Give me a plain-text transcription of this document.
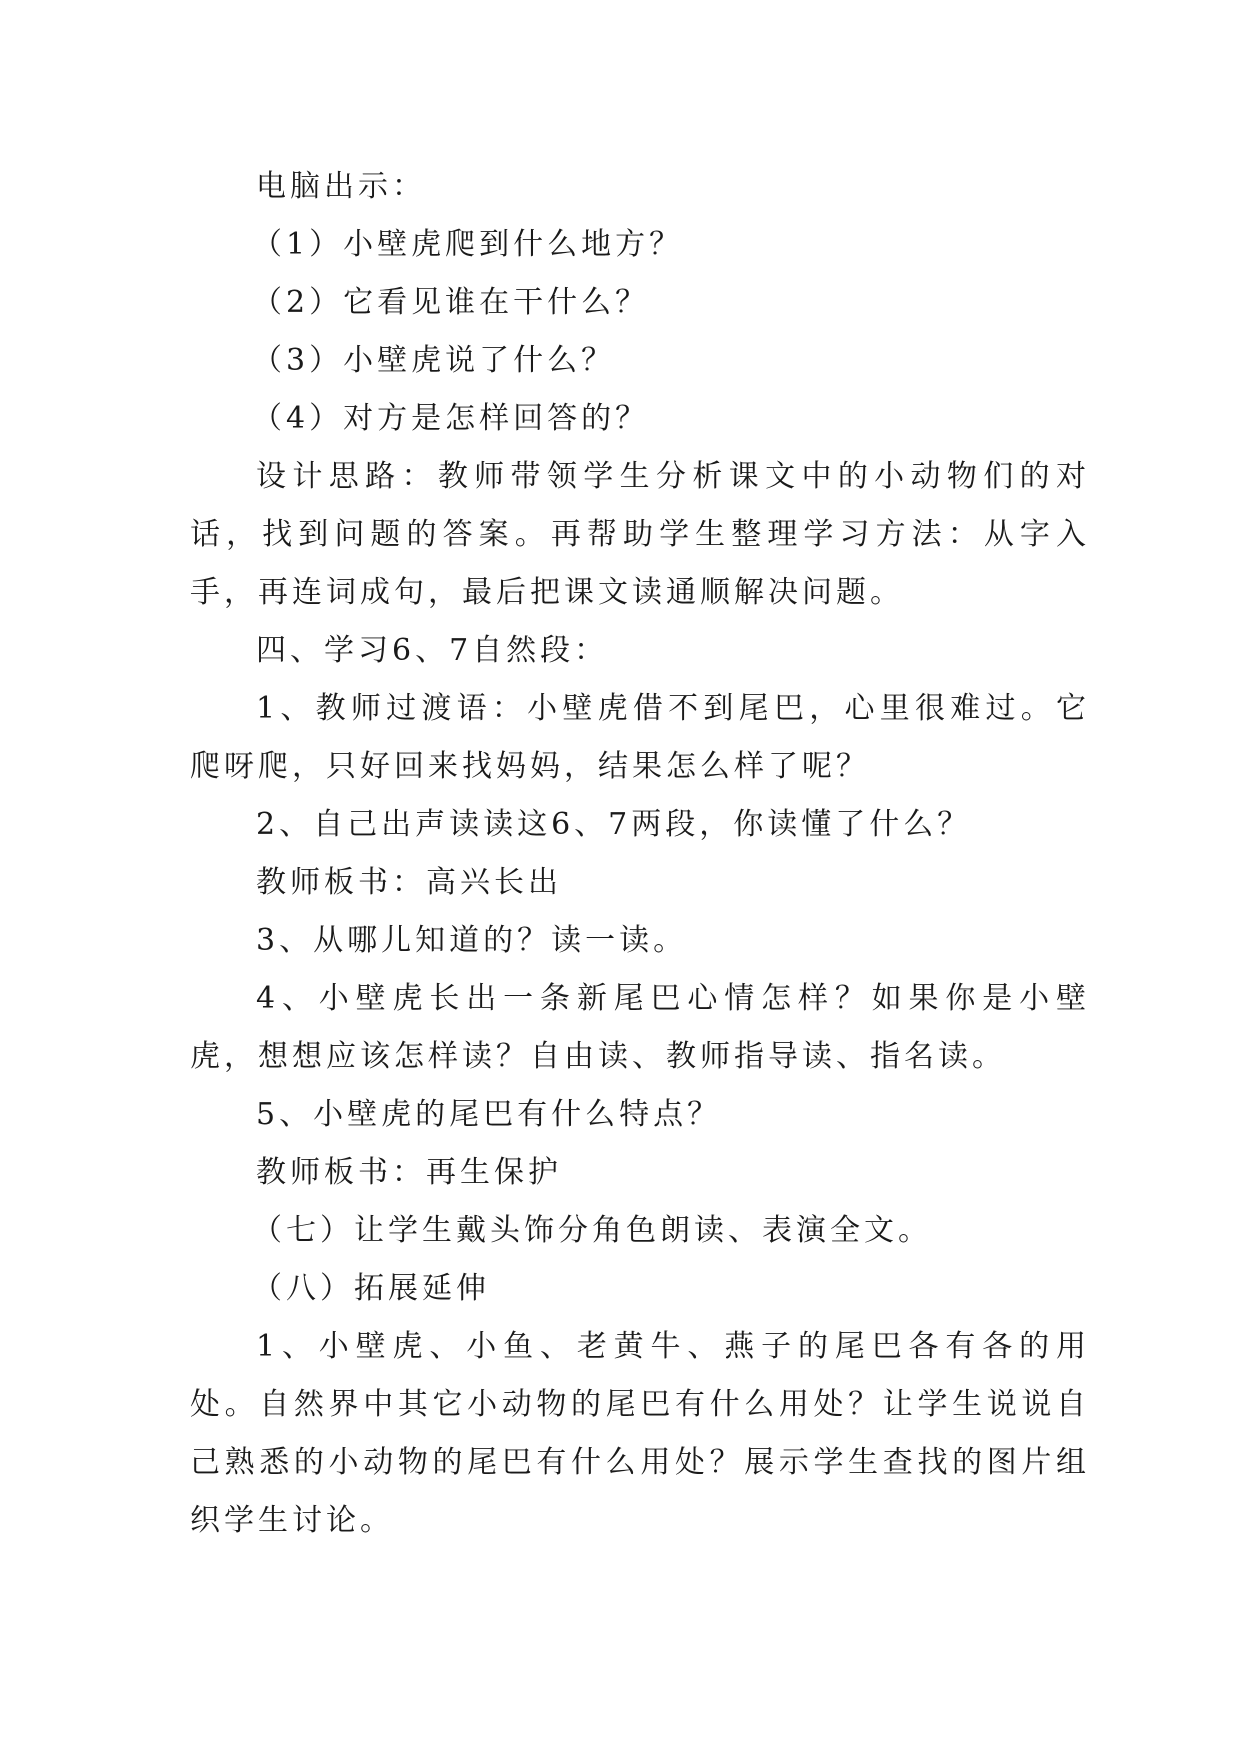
电脑出示：

（1）小壁虎爬到什么地方？

（2）它看见谁在干什么？

（3）小壁虎说了什么？

（4）对方是怎样回答的？

设计思路：教师带领学生分析课文中的小动物们的对话，找到问题的答案。再帮助学生整理学习方法：从字入手，再连词成句，最后把课文读通顺解决问题。

四、学习6、7自然段：

1、教师过渡语：小壁虎借不到尾巴，心里很难过。它爬呀爬，只好回来找妈妈，结果怎么样了呢？

2、自己出声读读这6、7两段，你读懂了什么？

教师板书：高兴长出

3、从哪儿知道的？读一读。

4、小壁虎长出一条新尾巴心情怎样？如果你是小壁虎，想想应该怎样读？自由读、教师指导读、指名读。

5、小壁虎的尾巴有什么特点？

教师板书：再生保护

（七）让学生戴头饰分角色朗读、表演全文。

（八）拓展延伸

1、小壁虎、小鱼、老黄牛、燕子的尾巴各有各的用处。自然界中其它小动物的尾巴有什么用处？让学生说说自己熟悉的小动物的尾巴有什么用处？展示学生查找的图片组织学生讨论。
